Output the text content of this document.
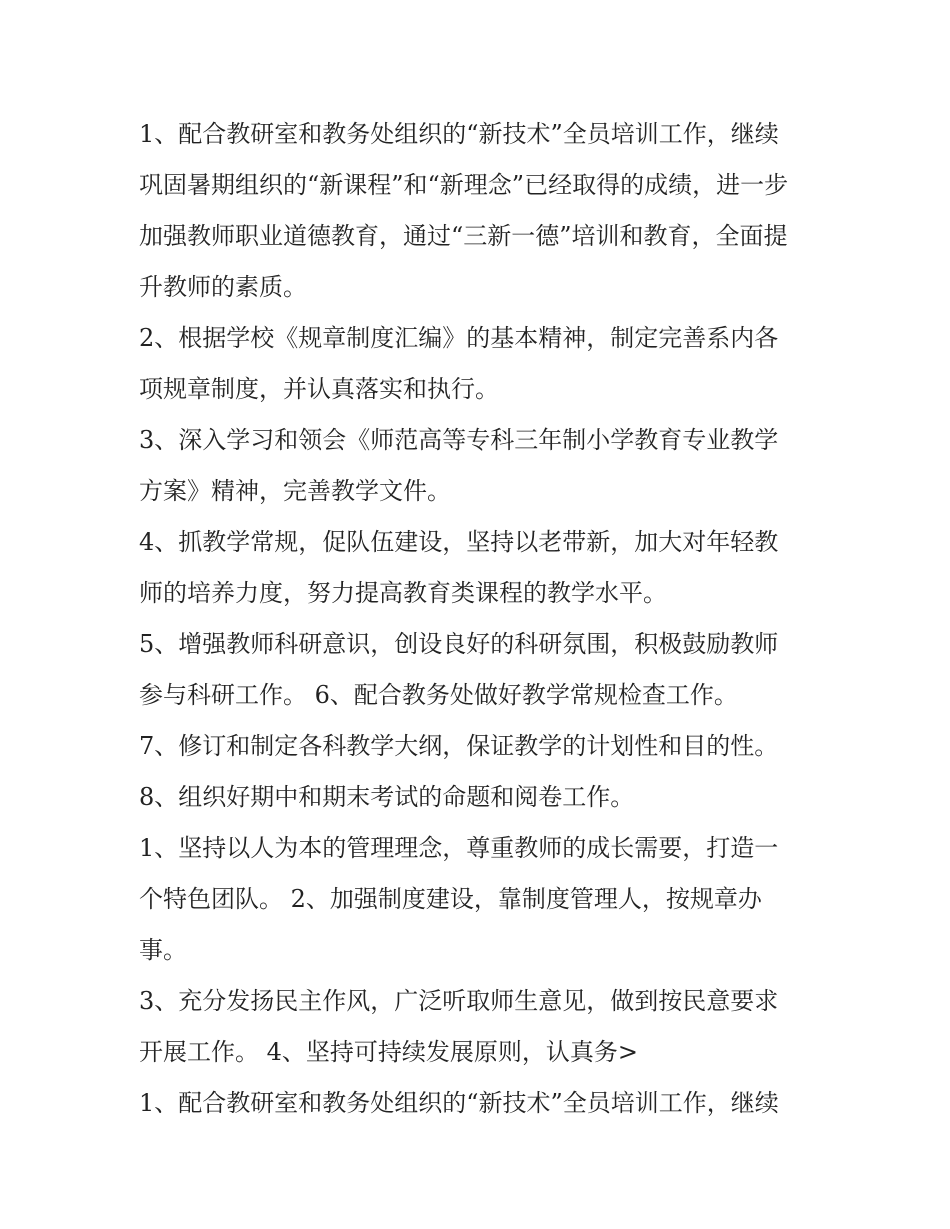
1、配合教研室和教务处组织的“新技术”全员培训工作，继续

巩固暑期组织的“新课程”和“新理念”已经取得的成绩，进一步

加强教师职业道德教育，通过“三新一德”培训和教育，全面提

升教师的素质。

2、根据学校《规章制度汇编》的基本精神，制定完善系内各

项规章制度，并认真落实和执行。

3、深入学习和领会《师范高等专科三年制小学教育专业教学

方案》精神，完善教学文件。

4、抓教学常规，促队伍建设，坚持以老带新，加大对年轻教

师的培养力度，努力提高教育类课程的教学水平。

5、增强教师科研意识，创设良好的科研氛围，积极鼓励教师

参与科研工作。 6、配合教务处做好教学常规检查工作。

7、修订和制定各科教学大纲，保证教学的计划性和目的性。

8、组织好期中和期末考试的命题和阅卷工作。

1、坚持以人为本的管理理念，尊重教师的成长需要，打造一

个特色团队。 2、加强制度建设，靠制度管理人，按规章办

事。

3、充分发扬民主作风，广泛听取师生意见，做到按民意要求

开展工作。 4、坚持可持续发展原则，认真务>

1、配合教研室和教务处组织的“新技术”全员培训工作，继续
